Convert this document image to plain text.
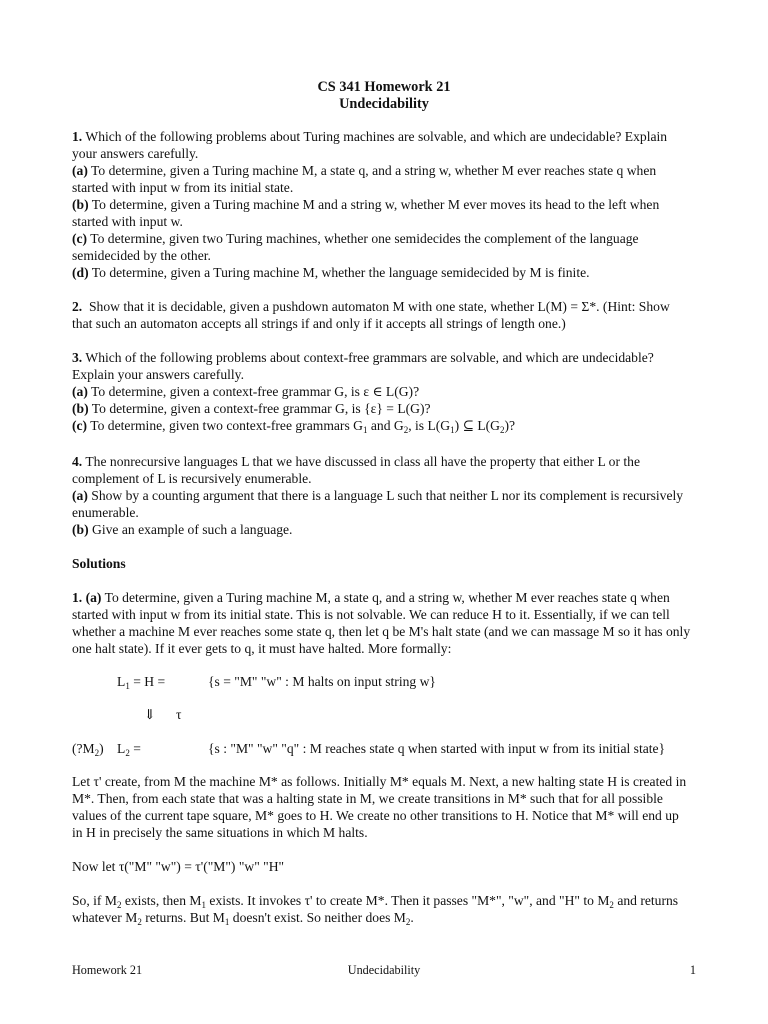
CS 341 Homework 21
Undecidability
1. Which of the following problems about Turing machines are solvable, and which are undecidable? Explain
your answers carefully.
(a) To determine, given a Turing machine M, a state q, and a string w, whether M ever reaches state q when
started with input w from its initial state.
(b) To determine, given a Turing machine M and a string w, whether M ever moves its head to the left when
started with input w.
(c) To determine, given two Turing machines, whether one semidecides the complement of the language
semidecided by the other.
(d) To determine, given a Turing machine M, whether the language semidecided by M is finite.
2. Show that it is decidable, given a pushdown automaton M with one state, whether L(M) = Σ*. (Hint: Show
that such an automaton accepts all strings if and only if it accepts all strings of length one.)
3. Which of the following problems about context-free grammars are solvable, and which are undecidable?
Explain your answers carefully.
(a) To determine, given a context-free grammar G, is ε ∈ L(G)?
(b) To determine, given a context-free grammar G, is {ε} = L(G)?
(c) To determine, given two context-free grammars $G_1$ and $G_2$, is $L(G_1)$ ⊆ $L(G_2)$?
4. The nonrecursive languages L that we have discussed in class all have the property that either L or the
complement of L is recursively enumerable.
(a) Show by a counting argument that there is a language L such that neither L nor its complement is recursively
enumerable.
(b) Give an example of such a language.
Solutions
1. (a) To determine, given a Turing machine M, a state q, and a string w, whether M ever reaches state q when
started with input w from its initial state. This is not solvable. We can reduce H to it. Essentially, if we can tell
whether a machine M ever reaches some state q, then let q be M's halt state (and we can massage M so it has only
one halt state). If it ever gets to q, it must have halted. More formally:
$L_1 = H$ =	{s = "M" "w" : M halts on input string w}
⇓ τ
$(?M_2) L_2$ =	{s : "M" "w" "q" : M reaches state q when started with input w from its initial state}
Let τ' create, from M the machine M* as follows. Initially M* equals M. Next, a new halting state H is created in
M*. Then, from each state that was a halting state in M, we create transitions in M* such that for all possible
values of the current tape square, M* goes to H. We create no other transitions to H. Notice that M* will end up
in H in precisely the same situations in which M halts.
Now let τ("M" "w") = τ'("M") "w" "H"
So, if $M_2$ exists, then $M_1$ exists. It invokes τ' to create M*. Then it passes "M*", "w", and "H" to $M_2$ and returns
whatever $M_2$ returns. But $M_1$ doesn't exist. So neither does $M_2$.
Homework 21	Undecidability	1
